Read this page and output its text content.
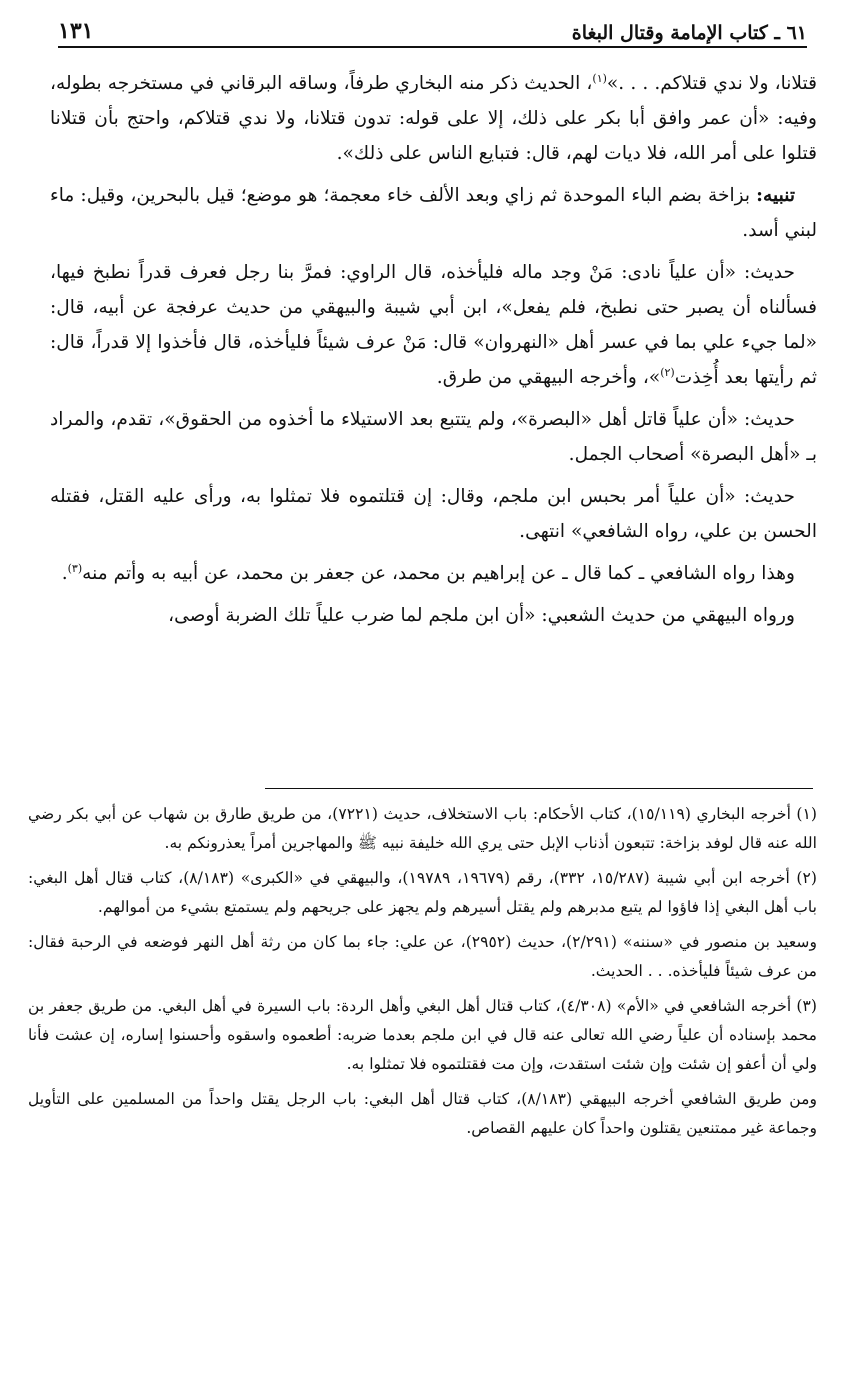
٦١ ـ كتاب الإمامة وقتال البغاة
١٣١

قتلانا، ولا ندي قتلاكم. . . .»$^{(١)}$، الحديث ذكر منه البخاري طرفاً، وساقه البرقاني في مستخرجه بطوله، وفيه: «أن عمر وافق أبا بكر على ذلك، إلا على قوله: تدون قتلانا، ولا ندي قتلاكم، واحتج بأن قتلانا قتلوا على أمر الله، فلا ديات لهم، قال: فتبايع الناس على ذلك».

تنبيه: بزاخة بضم الباء الموحدة ثم زاي وبعد الألف خاء معجمة؛ هو موضع؛ قيل بالبحرين، وقيل: ماء لبني أسد.

حديث: «أن علياً نادى: مَنْ وجد ماله فليأخذه، قال الراوي: فمرَّ بنا رجل فعرف قدراً نطبخ فيها، فسألناه أن يصبر حتى نطبخ، فلم يفعل»، ابن أبي شيبة والبيهقي من حديث عرفجة عن أبيه، قال: «لما جيء علي بما في عسر أهل «النهروان» قال: مَنْ عرف شيئاً فليأخذه، قال فأخذوا إلا قدراً، قال: ثم رأيتها بعد أُخِذت$^{(٢)}$»، وأخرجه البيهقي من طرق.

حديث: «أن علياً قاتل أهل «البصرة»، ولم يتتبع بعد الاستيلاء ما أخذوه من الحقوق»، تقدم، والمراد بـ «أهل البصرة» أصحاب الجمل.

حديث: «أن علياً أمر بحبس ابن ملجم، وقال: إن قتلتموه فلا تمثلوا به، ورأى عليه القتل، فقتله الحسن بن علي، رواه الشافعي» انتهى.

وهذا رواه الشافعي ـ كما قال ـ عن إبراهيم بن محمد، عن جعفر بن محمد، عن أبيه به وأتم منه$^{(٣)}$.

ورواه البيهقي من حديث الشعبي: «أن ابن ملجم لما ضرب علياً تلك الضربة أوصى،

(١) أخرجه البخاري (١٥/١١٩)، كتاب الأحكام: باب الاستخلاف، حديث (٧٢٢١)، من طريق طارق بن شهاب عن أبي بكر رضي الله عنه قال لوفد بزاخة: تتبعون أذناب الإبل حتى يري الله خليفة نبيه ﷺ والمهاجرين أمراً يعذرونكم به.

(٢) أخرجه ابن أبي شيبة (١٥/٢٨٧، ٣٣٢)، رقم (١٩٦٧٩، ١٩٧٨٩)، والبيهقي في «الكبرى» (٨/١٨٣)، كتاب قتال أهل البغي: باب أهل البغي إذا فاؤوا لم يتبع مدبرهم ولم يقتل أسيرهم ولم يجهز على جريحهم ولم يستمتع بشيء من أموالهم.

وسعيد بن منصور في «سننه» (٢/٢٩١)، حديث (٢٩٥٢)، عن علي: جاء بما كان من رثة أهل النهر فوضعه في الرحبة فقال: من عرف شيئاً فليأخذه. . . الحديث.

(٣) أخرجه الشافعي في «الأم» (٤/٣٠٨)، كتاب قتال أهل البغي وأهل الردة: باب السيرة في أهل البغي. من طريق جعفر بن محمد بإسناده أن علياً رضي الله تعالى عنه قال في ابن ملجم بعدما ضربه: أطعموه واسقوه وأحسنوا إساره، إن عشت فأنا ولي أن أعفو إن شئت وإن شئت استقدت، وإن مت فقتلتموه فلا تمثلوا به.

ومن طريق الشافعي أخرجه البيهقي (٨/١٨٣)، كتاب قتال أهل البغي: باب الرجل يقتل واحداً من المسلمين على التأويل وجماعة غير ممتنعين يقتلون واحداً كان عليهم القصاص.
